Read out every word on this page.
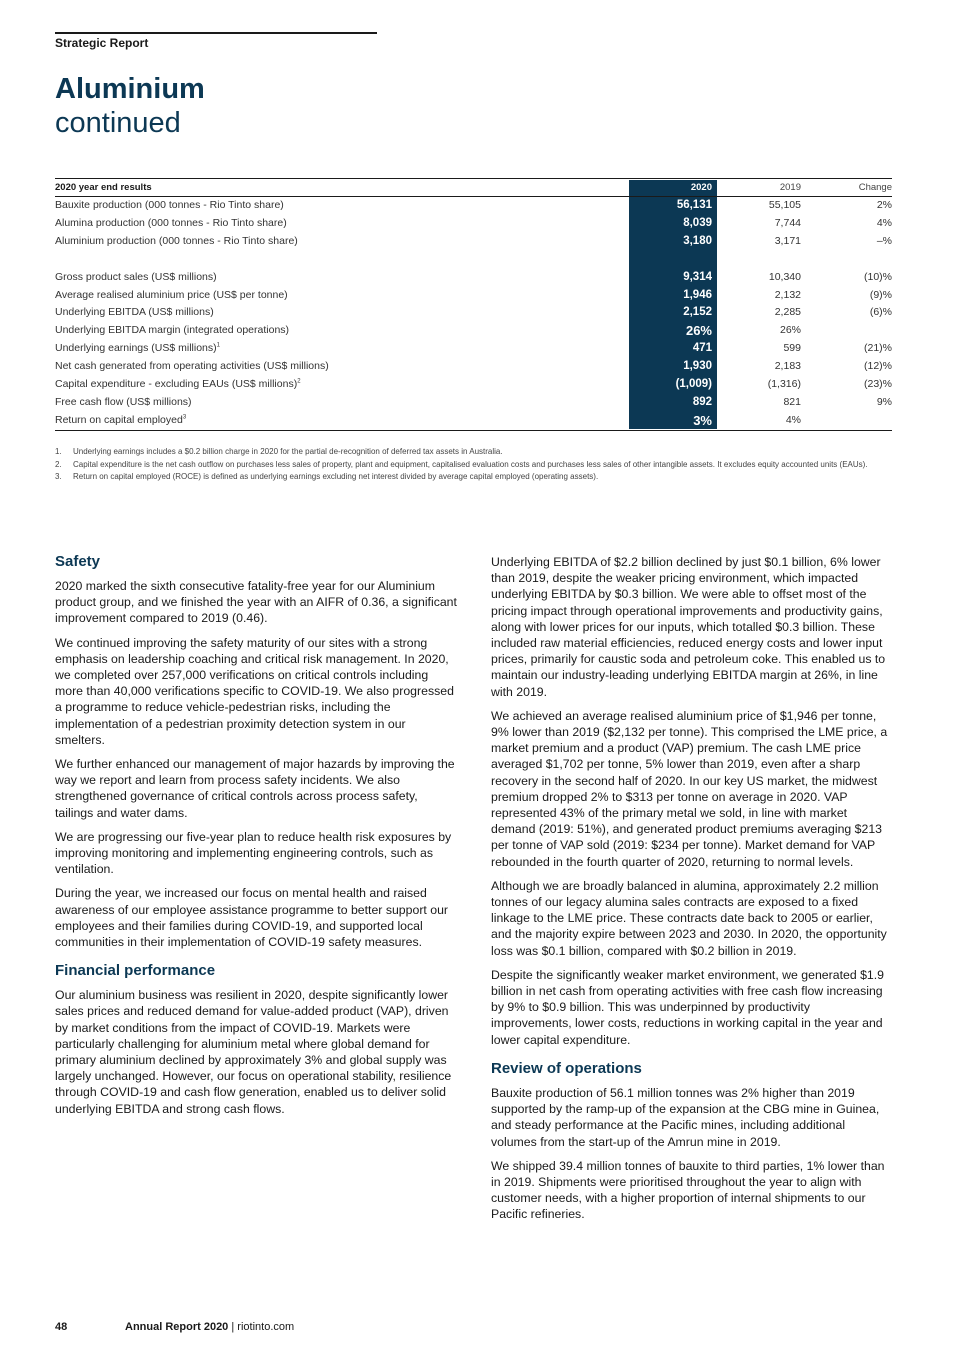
Strategic Report
Aluminium
continued
2020 year end results	2020	2019	Change
Bauxite production (000 tonnes - Rio Tinto share)	56,131	55,105	2%
Alumina production (000 tonnes - Rio Tinto share)	8,039	7,744	4%
Aluminium production (000 tonnes - Rio Tinto share)	3,180	3,171	–%
Gross product sales (US$ millions)	9,314	10,340	(10)%
Average realised aluminium price (US$ per tonne)	1,946	2,132	(9)%
Underlying EBITDA (US$ millions)	2,152	2,285	(6)%
Underlying EBITDA margin (integrated operations)	26%	26%
Underlying earnings (US$ millions)$^1$	471	599	(21)%
Net cash generated from operating activities (US$ millions)	1,930	2,183	(12)%
Capital expenditure - excluding EAUs (US$ millions)$^2$	(1,009)	(1,316)	(23)%
Free cash flow (US$ millions)	892	821	9%
Return on capital employed$^3$	3%	4%
1. Underlying earnings includes a $0.2 billion charge in 2020 for the partial de-recognition of deferred tax assets in Australia.
2. Capital expenditure is the net cash outflow on purchases less sales of property, plant and equipment, capitalised evaluation costs and purchases less sales of other intangible assets. It excludes equity accounted units (EAUs).
3. Return on capital employed (ROCE) is defined as underlying earnings excluding net interest divided by average capital employed (operating assets).
Safety

2020 marked the sixth consecutive fatality-free year for our Aluminium product group, and we finished the year with an AIFR of 0.36, a significant improvement compared to 2019 (0.46).

We continued improving the safety maturity of our sites with a strong emphasis on leadership coaching and critical risk management. In 2020, we completed over 257,000 verifications on critical controls including more than 40,000 verifications specific to COVID-19. We also progressed a programme to reduce vehicle-pedestrian risks, including the implementation of a pedestrian proximity detection system in our smelters.

We further enhanced our management of major hazards by improving the way we report and learn from process safety incidents. We also strengthened governance of critical controls across process safety, tailings and water dams.

We are progressing our five-year plan to reduce health risk exposures by improving monitoring and implementing engineering controls, such as ventilation.

During the year, we increased our focus on mental health and raised awareness of our employee assistance programme to better support our employees and their families during COVID-19, and supported local communities in their implementation of COVID-19 safety measures.

Financial performance

Our aluminium business was resilient in 2020, despite significantly lower sales prices and reduced demand for value-added product (VAP), driven by market conditions from the impact of COVID-19. Markets were particularly challenging for aluminium metal where global demand for primary aluminium declined by approximately 3% and global supply was largely unchanged. However, our focus on operational stability, resilience through COVID-19 and cash flow generation, enabled us to deliver solid underlying EBITDA and strong cash flows.

Underlying EBITDA of $2.2 billion declined by just $0.1 billion, 6% lower than 2019, despite the weaker pricing environment, which impacted underlying EBITDA by $0.3 billion. We were able to offset most of the pricing impact through operational improvements and productivity gains, along with lower prices for our inputs, which totalled $0.3 billion. These included raw material efficiencies, reduced energy costs and lower input prices, primarily for caustic soda and petroleum coke. This enabled us to maintain our industry-leading underlying EBITDA margin at 26%, in line with 2019.

We achieved an average realised aluminium price of $1,946 per tonne, 9% lower than 2019 ($2,132 per tonne). This comprised the LME price, a market premium and a product (VAP) premium. The cash LME price averaged $1,702 per tonne, 5% lower than 2019, even after a sharp recovery in the second half of 2020. In our key US market, the midwest premium dropped 2% to $313 per tonne on average in 2020. VAP represented 43% of the primary metal we sold, in line with market demand (2019: 51%), and generated product premiums averaging $213 per tonne of VAP sold (2019: $234 per tonne). Market demand for VAP rebounded in the fourth quarter of 2020, returning to normal levels.

Although we are broadly balanced in alumina, approximately 2.2 million tonnes of our legacy alumina sales contracts are exposed to a fixed linkage to the LME price. These contracts date back to 2005 or earlier, and the majority expire between 2023 and 2030. In 2020, the opportunity loss was $0.1 billion, compared with $0.2 billion in 2019.

Despite the significantly weaker market environment, we generated $1.9 billion in net cash from operating activities with free cash flow increasing by 9% to $0.9 billion. This was underpinned by productivity improvements, lower costs, reductions in working capital in the year and lower capital expenditure.

Review of operations

Bauxite production of 56.1 million tonnes was 2% higher than 2019 supported by the ramp-up of the expansion at the CBG mine in Guinea, and steady performance at the Pacific mines, including additional volumes from the start-up of the Amrun mine in 2019.

We shipped 39.4 million tonnes of bauxite to third parties, 1% lower than in 2019. Shipments were prioritised throughout the year to align with customer needs, with a higher proportion of internal shipments to our Pacific refineries.

48	Annual Report 2020 | riotinto.com
